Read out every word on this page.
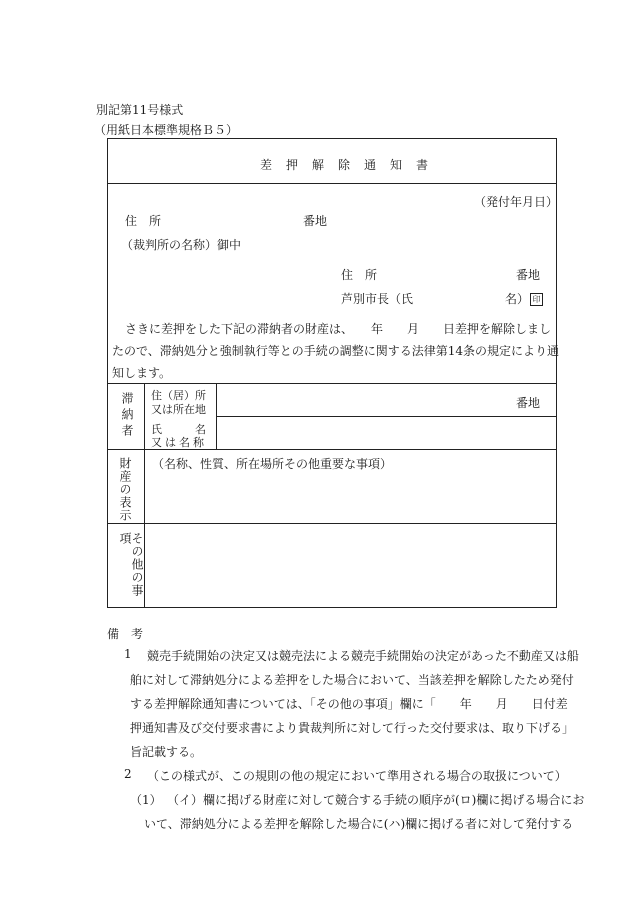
別記第11号様式
（用紙日本標準規格Ｂ５）
差押解除通知書
（発付年月日）
住　所	番地
（裁判所の名称）御中
住　所	番地
芦別市長（氏	名） 印
さきに差押をした下記の滞納者の財産は、　　年　　月　　日差押を解除しまし
たので、滞納処分と強制執行等との手続の調整に関する法律第14条の規定により通
知します。
滞納者 住（居）所
又は所在地	番地
氏　　　名
又は名称
財産の表示 （名称、性質、所在場所その他重要な事項）
その他の事項
備　考
1 競売手続開始の決定又は競売法による競売手続開始の決定があった不動産又は船
舶に対して滞納処分による差押をした場合において、当該差押を解除したため発付
する差押解除通知書については、「その他の事項」欄に「　　年　　月　　日付差
押通知書及び交付要求書により貴裁判所に対して行った交付要求は、取り下げる」
旨記載する。
2 （この様式が、この規則の他の規定において準用される場合の取扱について）
（1） （イ）欄に掲げる財産に対して競合する手続の順序が(ロ)欄に掲げる場合にお
いて、滞納処分による差押を解除した場合に(ハ)欄に掲げる者に対して発付する
